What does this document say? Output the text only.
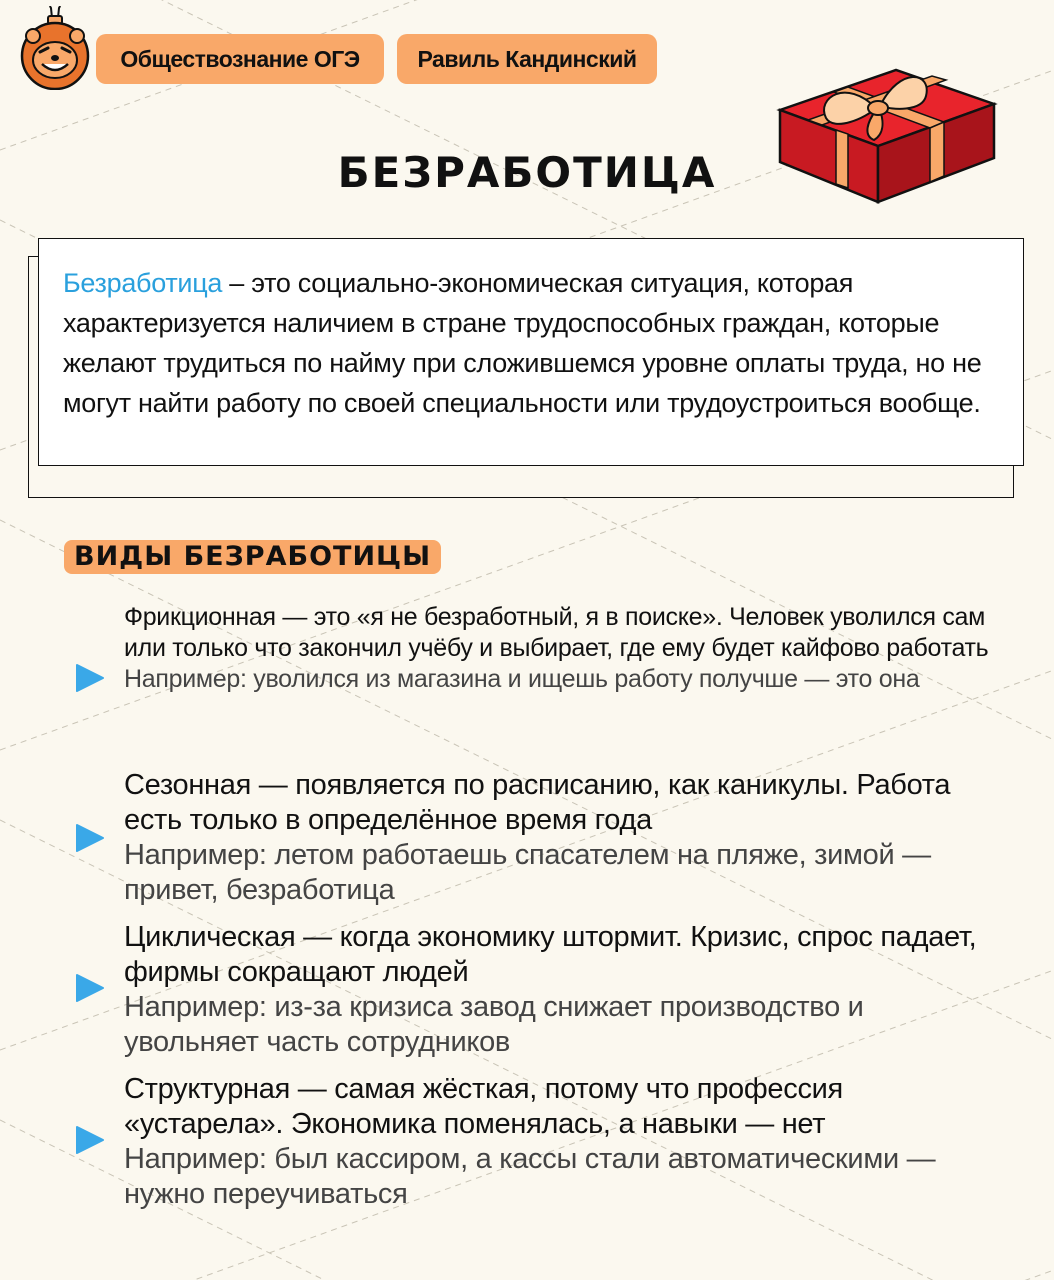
Обществознание ОГЭ	Равиль Кандинский
БЕЗРАБОТИЦА
Безработица – это социально-экономическая ситуация, которая характеризуется наличием в стране трудоспособных граждан, которые желают трудиться по найму при сложившемся уровне оплаты труда, но не могут найти работу по своей специальности или трудоустроиться вообще.
ВИДЫ БЕЗРАБОТИЦЫ
Фрикционная — это «я не безработный, я в поиске». Человек уволился сам или только что закончил учёбу и выбирает, где ему будет кайфово работать
Например: уволился из магазина и ищешь работу получше — это она
Сезонная — появляется по расписанию, как каникулы. Работа есть только в определённое время года
Например: летом работаешь спасателем на пляже, зимой — привет, безработица
Циклическая — когда экономику штормит. Кризис, спрос падает, фирмы сокращают людей
Например: из-за кризиса завод снижает производство и увольняет часть сотрудников
Структурная — самая жёсткая, потому что профессия «устарела». Экономика поменялась, а навыки — нет
Например: был кассиром, а кассы стали автоматическими — нужно переучиваться
